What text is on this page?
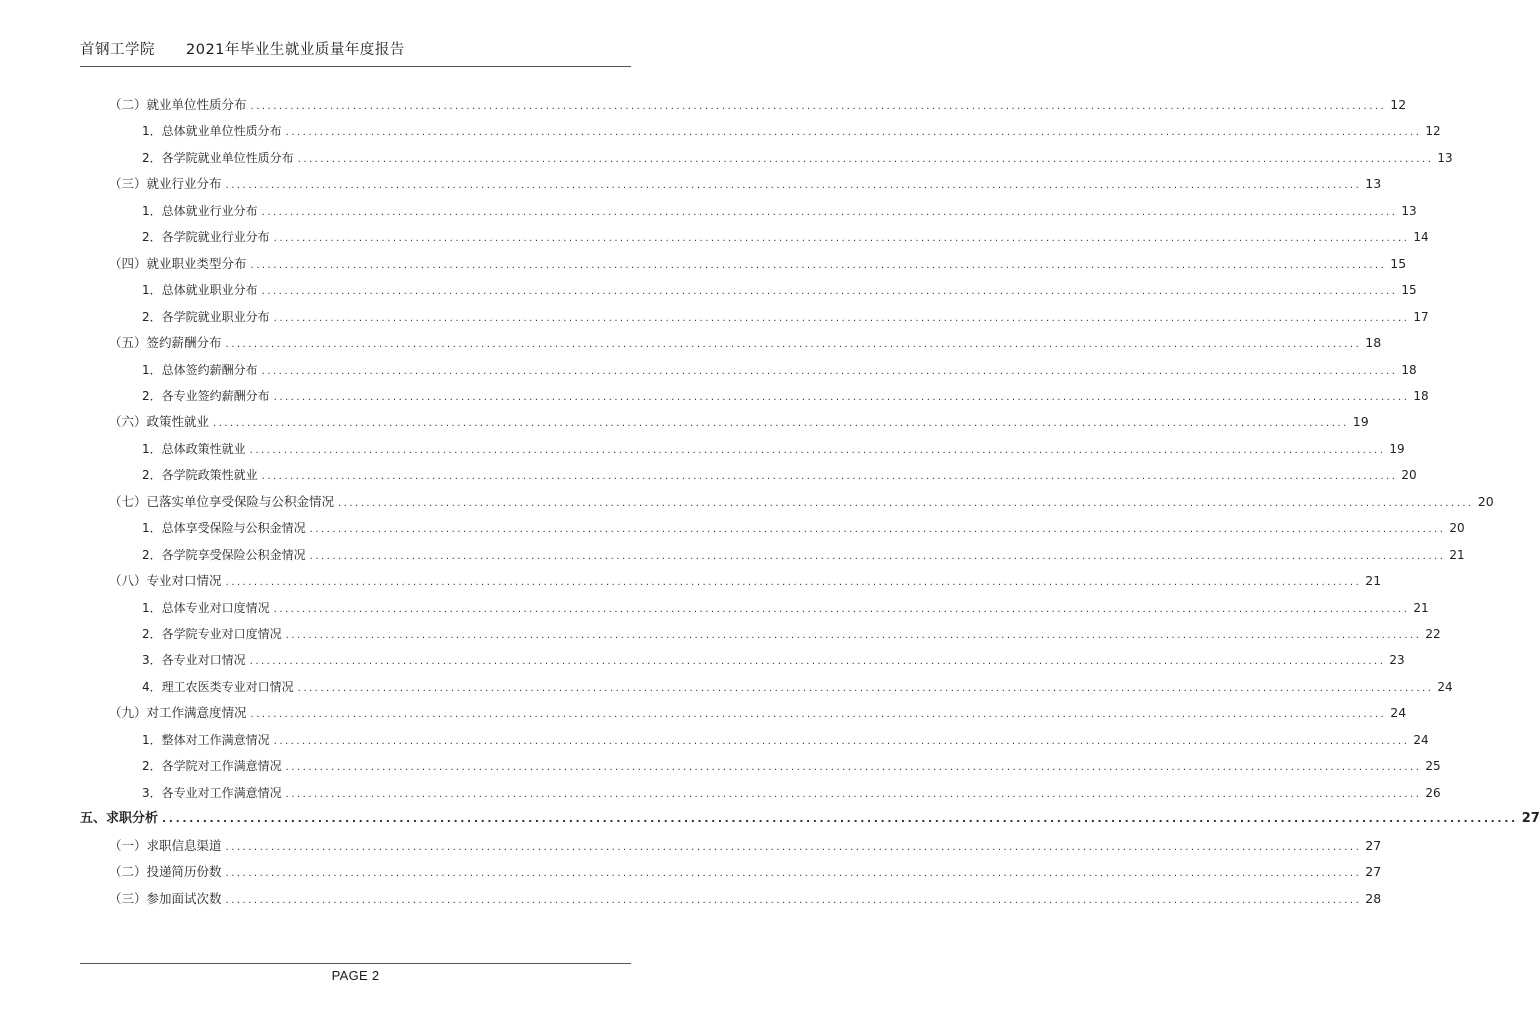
首钢工学院 2021年毕业生就业质量年度报告
（二）就业单位性质分布 ........................................................................................................................................................................................................ 12
1．总体就业单位性质分布 ........................................................................................................................................................................................................ 12
2．各学院就业单位性质分布 ........................................................................................................................................................................................................ 13
（三）就业行业分布 ........................................................................................................................................................................................................ 13
1．总体就业行业分布 ........................................................................................................................................................................................................ 13
2．各学院就业行业分布 ........................................................................................................................................................................................................ 14
（四）就业职业类型分布 ........................................................................................................................................................................................................ 15
1．总体就业职业分布 ........................................................................................................................................................................................................ 15
2．各学院就业职业分布 ........................................................................................................................................................................................................ 17
（五）签约薪酬分布 ........................................................................................................................................................................................................ 18
1．总体签约薪酬分布 ........................................................................................................................................................................................................ 18
2．各专业签约薪酬分布 ........................................................................................................................................................................................................ 18
（六）政策性就业 ........................................................................................................................................................................................................ 19
1．总体政策性就业 ........................................................................................................................................................................................................ 19
2．各学院政策性就业 ........................................................................................................................................................................................................ 20
（七）已落实单位享受保险与公积金情况 ........................................................................................................................................................................................................ 20
1．总体享受保险与公积金情况 ........................................................................................................................................................................................................ 20
2．各学院享受保险公积金情况 ........................................................................................................................................................................................................ 21
（八）专业对口情况 ........................................................................................................................................................................................................ 21
1．总体专业对口度情况 ........................................................................................................................................................................................................ 21
2．各学院专业对口度情况 ........................................................................................................................................................................................................ 22
3．各专业对口情况 ........................................................................................................................................................................................................ 23
4．理工农医类专业对口情况 ........................................................................................................................................................................................................ 24
（九）对工作满意度情况 ........................................................................................................................................................................................................ 24
1．整体对工作满意情况 ........................................................................................................................................................................................................ 24
2．各学院对工作满意情况 ........................................................................................................................................................................................................ 25
3．各专业对工作满意情况 ........................................................................................................................................................................................................ 26
五、求职分析 ........................................................................................................................................................................................................ 27
（一）求职信息渠道 ........................................................................................................................................................................................................ 27
（二）投递简历份数 ........................................................................................................................................................................................................ 27
（三）参加面试次数 ........................................................................................................................................................................................................ 28
PAGE 2
